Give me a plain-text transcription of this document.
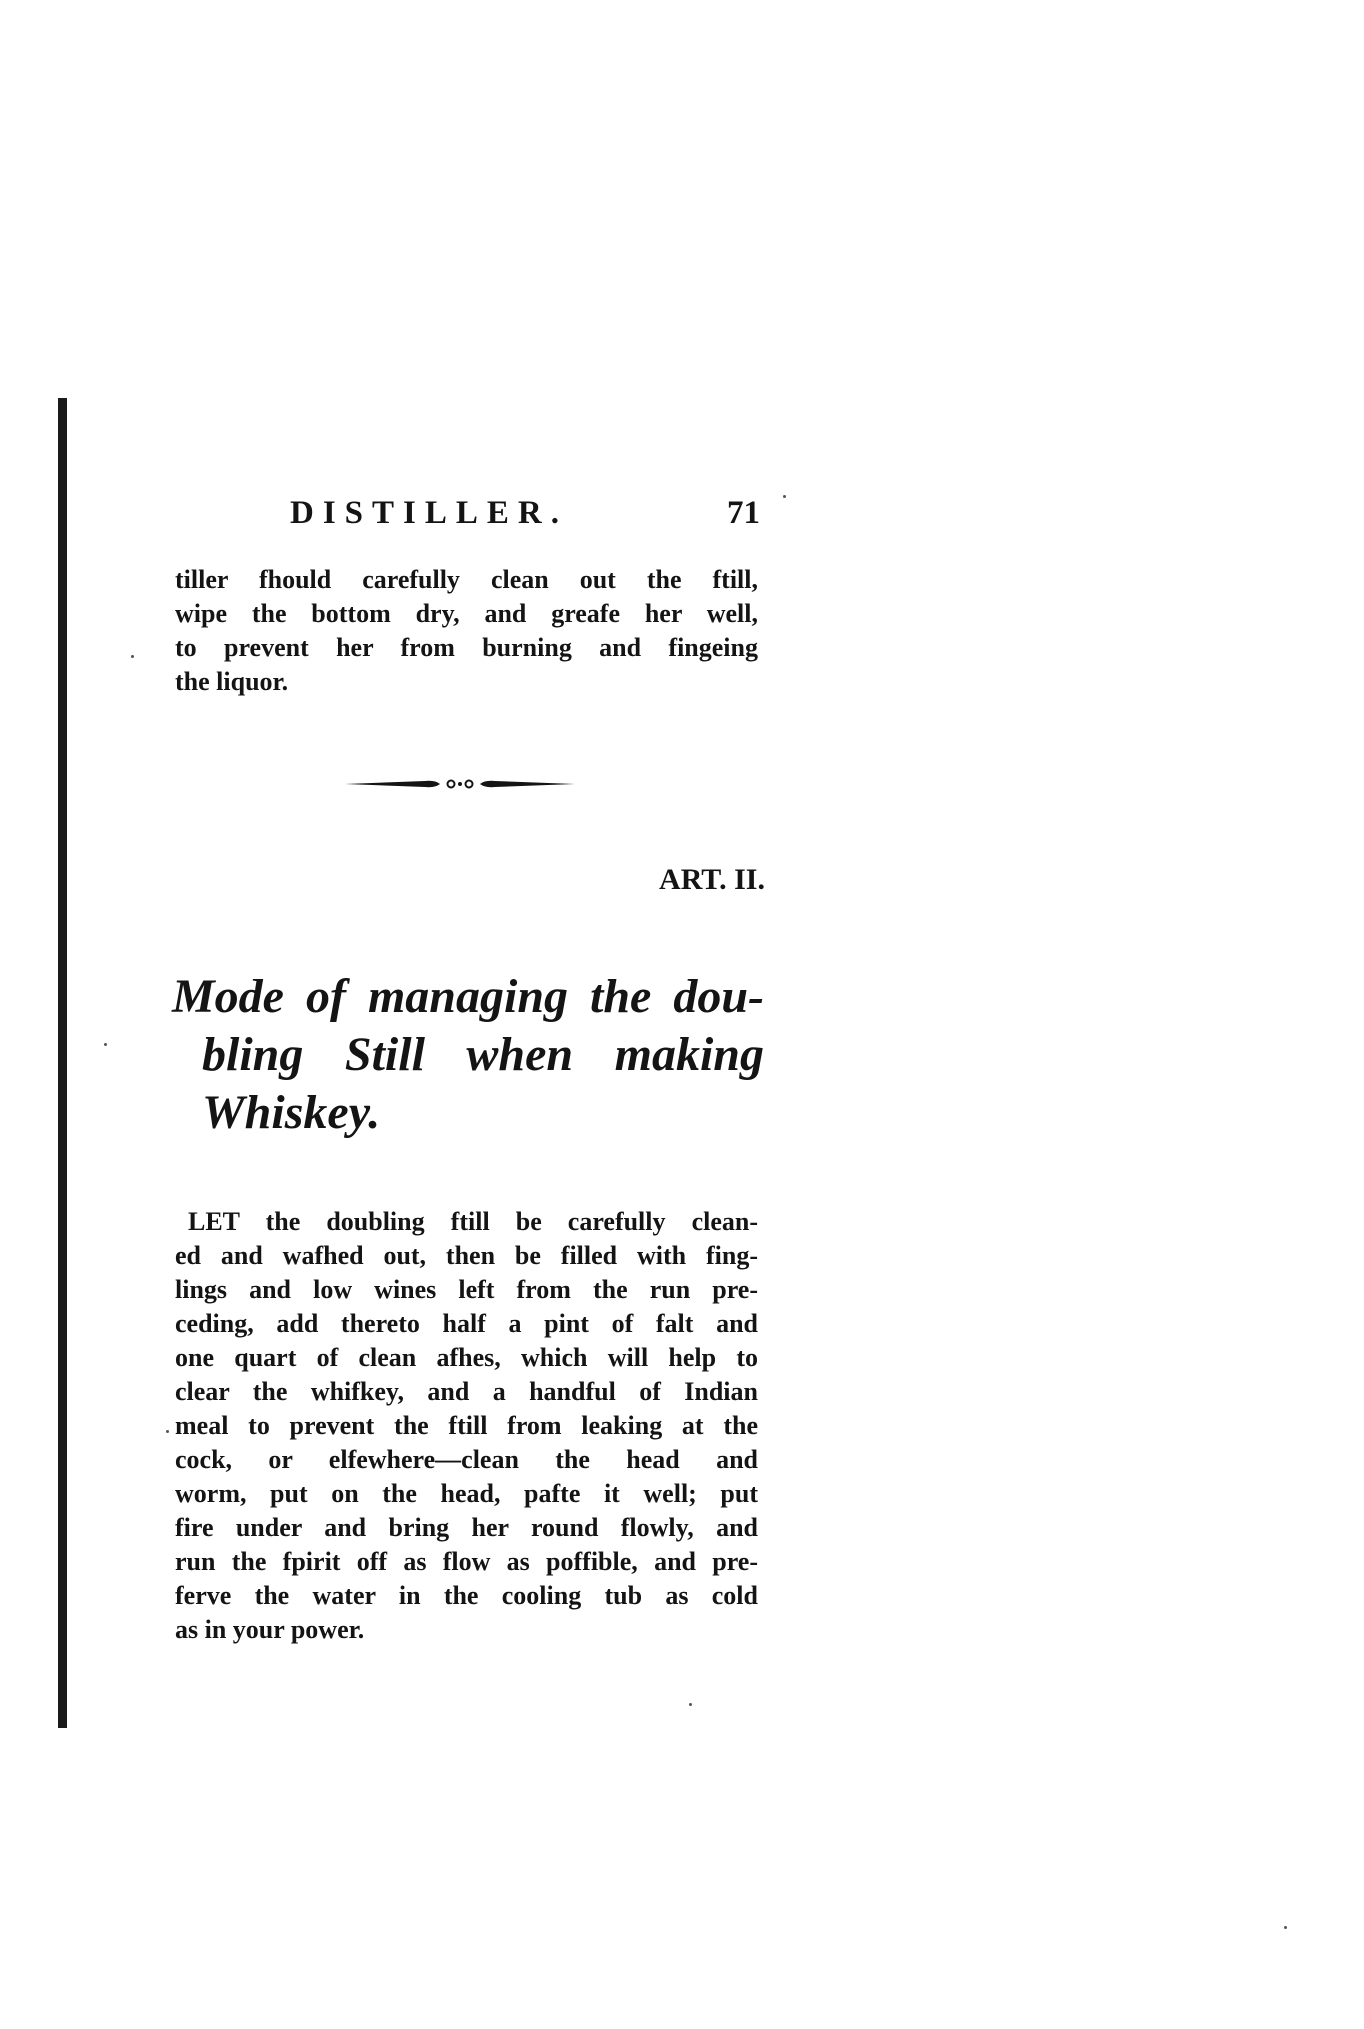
DISTILLER.	71
tiller fhould carefully clean out the ftill,
wipe the bottom dry, and greafe her well,
to prevent her from burning and fingeing
the liquor.
ART. II.
Mode of managing the dou-
bling Still when making
Whiskey.
LET the doubling ftill be carefully clean-
ed and wafhed out, then be filled with fing-
lings and low wines left from the run pre-
ceding, add thereto half a pint of falt and
one quart of clean afhes, which will help to
clear the whifkey, and a handful of Indian
meal to prevent the ftill from leaking at the
cock, or elfewhere—clean the head and
worm, put on the head, pafte it well; put
fire under and bring her round flowly, and
run the fpirit off as flow as poffible, and pre-
ferve the water in the cooling tub as cold
as in your power.
